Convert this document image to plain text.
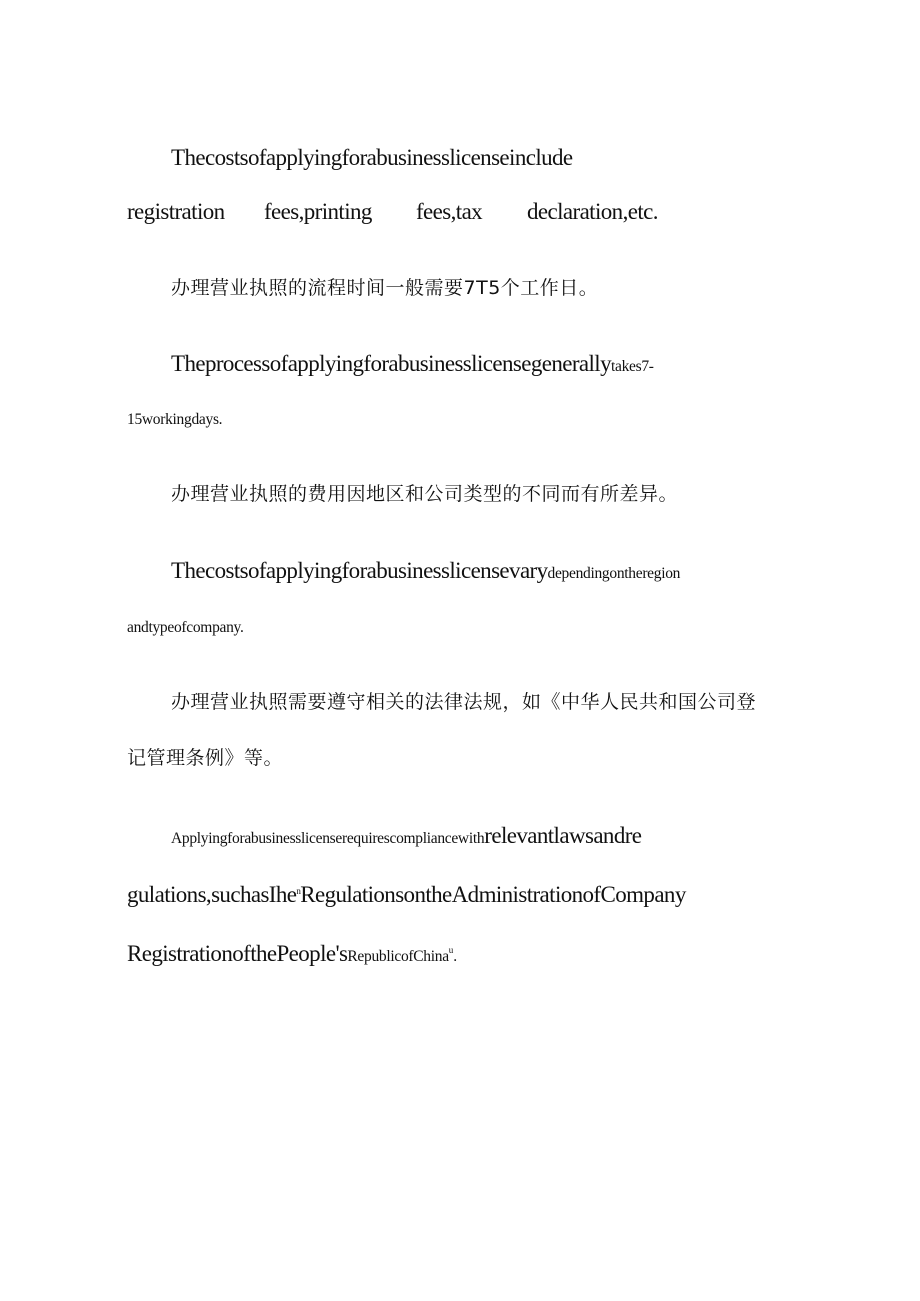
Thecostsofapplyingforabusinesslicenseinclude
registration fees,printing fees,tax declaration,etc.
办理营业执照的流程时间一般需要7T5个工作日。
Theprocessofapplyingforabusinesslicensegenerallytakes7-
15workingdays.
办理营业执照的费用因地区和公司类型的不同而有所差异。
Thecostsofapplyingforabusinesslicensevarydependingontheregion
andtypeofcompany.
办理营业执照需要遵守相关的法律法规，如《中华人民共和国公司登
记管理条例》等。
Applyingforabusinesslicenserequirescompliancewithrelevantlawsandre
gulations,suchasIhe$^n$RegulationsontheAdministrationofCompany
RegistrationofthePeople'sRepublicofChina$^u$.
